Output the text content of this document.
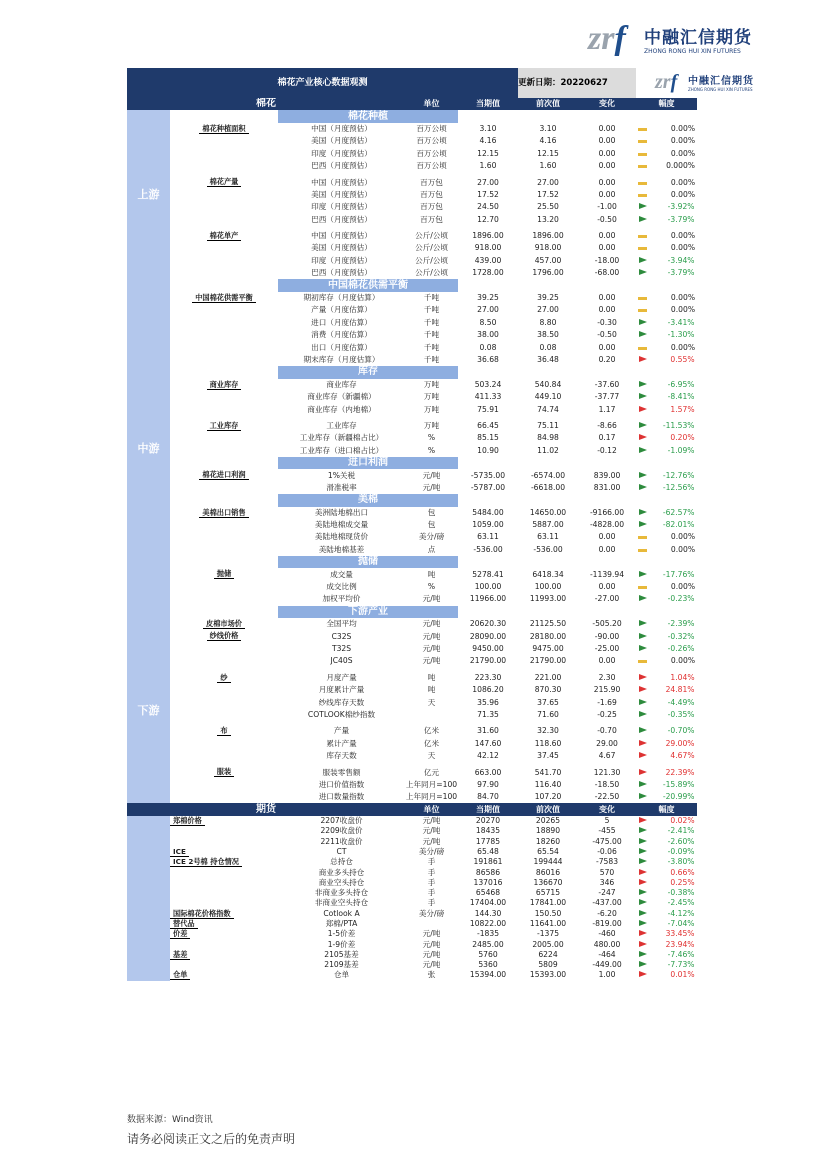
zrf	中融汇信期货
ZHONG RONG HUI XIN FUTURES
棉花产业核心数据观测					更新日期：20220627		
棉花			单位	当期值	前次值	变化	幅度
上游		棉花种植					
	棉花种植面积	中国（月度预估）	百万公顷	3.10	3.10	0.00	0.00%
		美国（月度预估）	百万公顷	4.16	4.16	0.00	0.00%
		印度（月度预估）	百万公顷	12.15	12.15	0.00	0.00%
		巴西（月度预估）	百万公顷	1.60	1.60	0.00	0.000%

	棉花产量	中国（月度预估）	百万包	27.00	27.00	0.00	0.00%
		美国（月度预估）	百万包	17.52	17.52	0.00	0.00%
		印度（月度预估）	百万包	24.50	25.50	-1.00	-3.92%
		巴西（月度预估）	百万包	12.70	13.20	-0.50	-3.79%

	棉花单产	中国（月度预估）	公斤/公顷	1896.00	1896.00	0.00	0.00%
		美国（月度预估）	公斤/公顷	918.00	918.00	0.00	0.00%
		印度（月度预估）	公斤/公顷	439.00	457.00	-18.00	-3.94%
		巴西（月度预估）	公斤/公顷	1728.00	1796.00	-68.00	-3.79%
中游		中国棉花供需平衡					
	中国棉花供需平衡	期初库存（月度估算）	千吨	39.25	39.25	0.00	0.00%
		产量（月度估算）	千吨	27.00	27.00	0.00	0.00%
		进口（月度估算）	千吨	8.50	8.80	-0.30	-3.41%
		消费（月度估算）	千吨	38.00	38.50	-0.50	-1.30%
		出口（月度估算）	千吨	0.08	0.08	0.00	0.00%
		期末库存（月度估算）	千吨	36.68	36.48	0.20	0.55%
		库存					
	商业库存	商业库存	万吨	503.24	540.84	-37.60	-6.95%
		商业库存（新疆棉）	万吨	411.33	449.10	-37.77	-8.41%
		商业库存（内地棉）	万吨	75.91	74.74	1.17	1.57%

	工业库存	工业库存	万吨	66.45	75.11	-8.66	-11.53%
		工业库存（新疆棉占比）	%	85.15	84.98	0.17	0.20%
		工业库存（进口棉占比）	%	10.90	11.02	-0.12	-1.09%
		进口利润					
	棉花进口利润	1%关税	元/吨	-5735.00	-6574.00	839.00	-12.76%
		滑准税率	元/吨	-5787.00	-6618.00	831.00	-12.56%
		美棉					
	美棉出口销售	美洲陆地棉出口	包	5484.00	14650.00	-9166.00	-62.57%
		美陆地棉成交量	包	1059.00	5887.00	-4828.00	-82.01%
		美陆地棉现货价	美分/磅	63.11	63.11	0.00	0.00%
		美陆地棉基差	点	-536.00	-536.00	0.00	0.00%
		抛储					
	抛储	成交量	吨	5278.41	6418.34	-1139.94	-17.76%
		成交比例	%	100.00	100.00	0.00	0.00%
		加权平均价	元/吨	11966.00	11993.00	-27.00	-0.23%
		下游产业					
下游	皮棉市场价	全国平均	元/吨	20620.30	21125.50	-505.20	-2.39%
	纱线价格	C32S	元/吨	28090.00	28180.00	-90.00	-0.32%
		T32S	元/吨	9450.00	9475.00	-25.00	-0.26%
		JC40S	元/吨	21790.00	21790.00	0.00	0.00%

	纱	月度产量	吨	223.30	221.00	2.30	1.04%
		月度累计产量	吨	1086.20	870.30	215.90	24.81%
		纱线库存天数	天	35.96	37.65	-1.69	-4.49%
		COTLOOK棉纱指数		71.35	71.60	-0.25	-0.35%

	布	产量	亿米	31.60	32.30	-0.70	-0.70%
		累计产量	亿米	147.60	118.60	29.00	29.00%
		库存天数	天	42.12	37.45	4.67	4.67%

	服装	服装零售额	亿元	663.00	541.70	121.30	22.39%
		进口价值指数	上年同月=100	97.90	116.40	-18.50	-15.89%
		进口数量指数	上年同月=100	84.70	107.20	-22.50	-20.99%
期货			单位	当期值	前次值	变化	幅度
	郑棉价格	2207收盘价	元/吨	20270	20265	5	0.02%
		2209收盘价	元/吨	18435	18890	-455	-2.41%
		2211收盘价	元/吨	17785	18260	-475.00	-2.60%
	ICE	CT	美分/磅	65.48	65.54	-0.06	-0.09%
	ICE 2号棉 持仓情况	总持仓	手	191861	199444	-7583	-3.80%
		商业多头持仓	手	86586	86016	570	0.66%
		商业空头持仓	手	137016	136670	346	0.25%
		非商业多头持仓	手	65468	65715	-247	-0.38%
		非商业空头持仓	手	17404.00	17841.00	-437.00	-2.45%
	国际棉花价格指数	Cotlook A	美分/磅	144.30	150.50	-6.20	-4.12%
	替代品	郑棉/PTA		10822.00	11641.00	-819.00	-7.04%
	价差	1-5价差	元/吨	-1835	-1375	-460	33.45%
		1-9价差	元/吨	2485.00	2005.00	480.00	23.94%
	基差	2105基差	元/吨	5760	6224	-464	-7.46%
		2109基差	元/吨	5360	5809	-449.00	-7.73%
	仓单	仓单	张	15394.00	15393.00	1.00	0.01%
zrf	中融汇信期货
ZHONG RONG HUI XIN FUTURES
数据来源：Wind资讯
请务必阅读正文之后的免责声明
